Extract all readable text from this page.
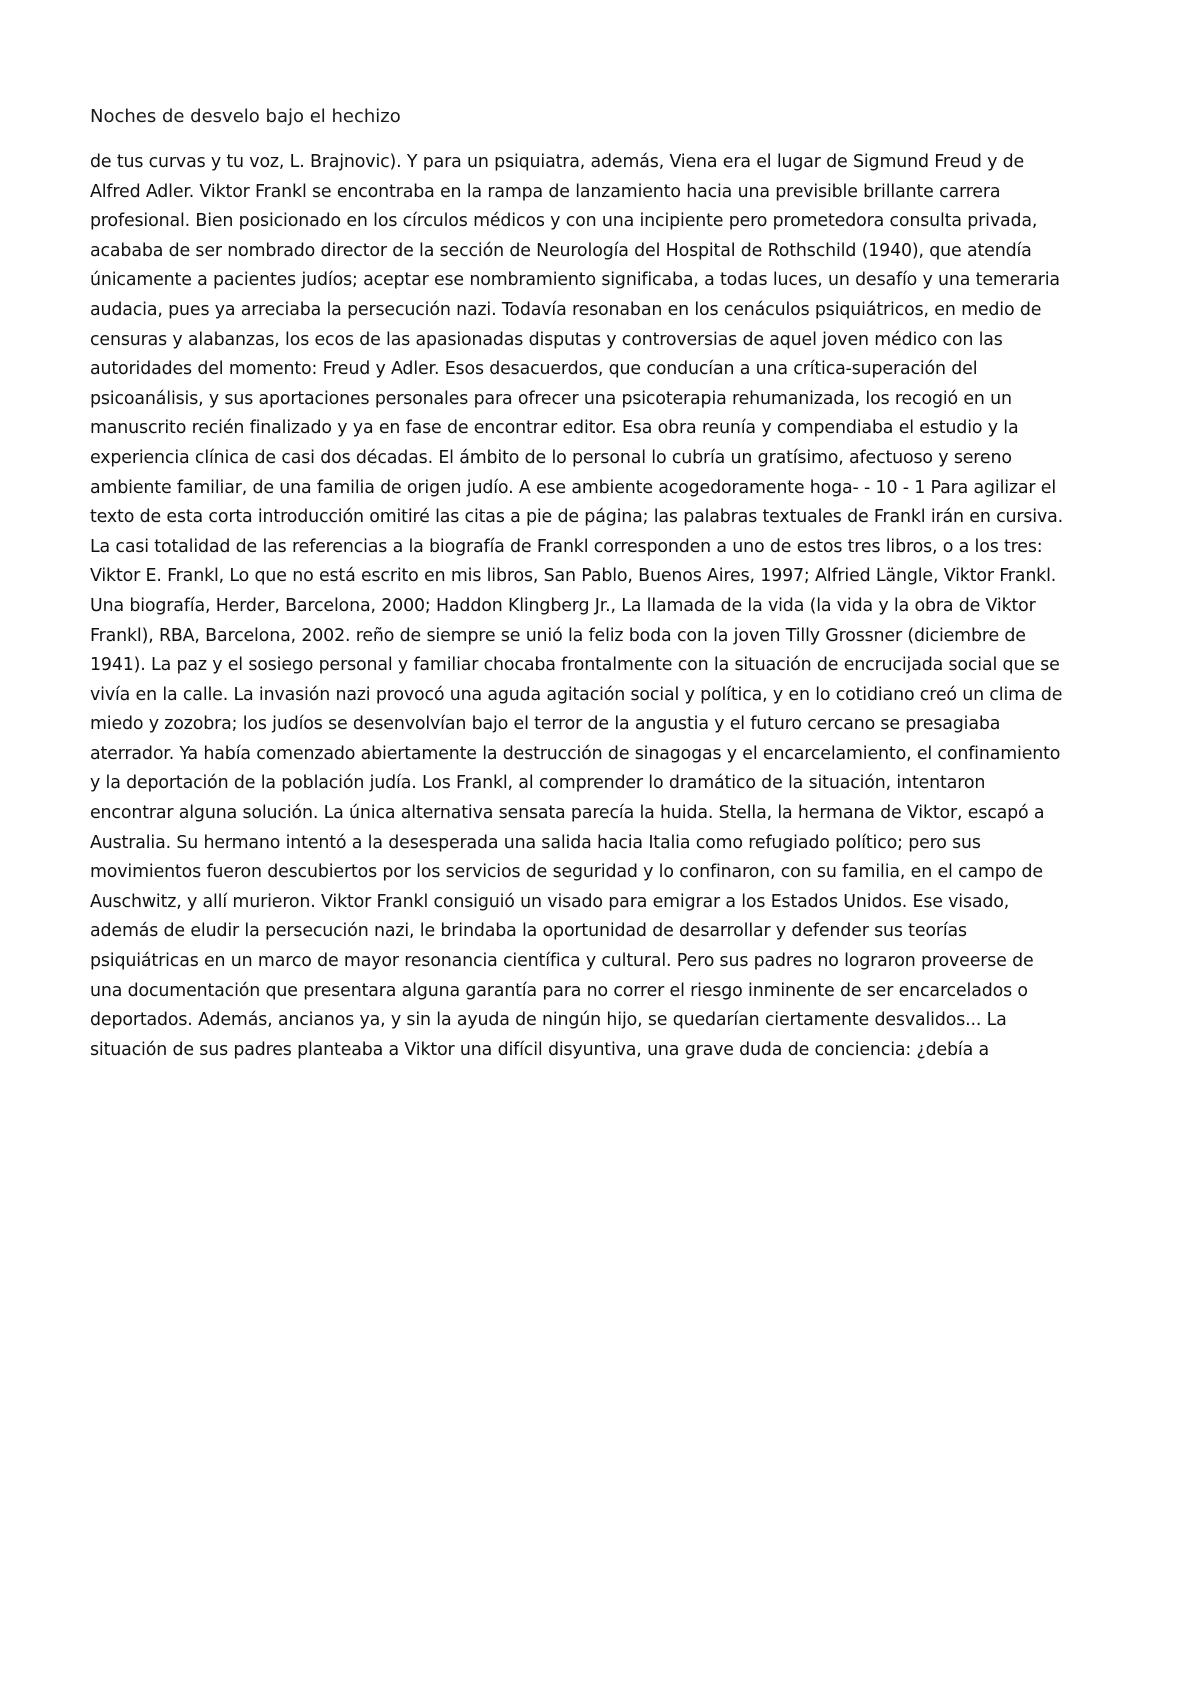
Noches de desvelo bajo el hechizo
de tus curvas y tu voz, L. Brajnovic). Y para un psiquiatra, además, Viena era el lugar de Sigmund Freud y de
Alfred Adler. Viktor Frankl se encontraba en la rampa de lanzamiento hacia una previsible brillante carrera
profesional. Bien posicionado en los círculos médicos y con una incipiente pero prometedora consulta privada,
acababa de ser nombrado director de la sección de Neurología del Hospital de Rothschild (1940), que atendía
únicamente a pacientes judíos; aceptar ese nombramiento significaba, a todas luces, un desafío y una temeraria
audacia, pues ya arreciaba la persecución nazi. Todavía resonaban en los cenáculos psiquiátricos, en medio de
censuras y alabanzas, los ecos de las apasionadas disputas y controversias de aquel joven médico con las
autoridades del momento: Freud y Adler. Esos desacuerdos, que conducían a una crítica-superación del
psicoanálisis, y sus aportaciones personales para ofrecer una psicoterapia rehumanizada, los recogió en un
manuscrito recién finalizado y ya en fase de encontrar editor. Esa obra reunía y compendiaba el estudio y la
experiencia clínica de casi dos décadas. El ámbito de lo personal lo cubría un gratísimo, afectuoso y sereno
ambiente familiar, de una familia de origen judío. A ese ambiente acogedoramente hoga- - 10 - 1 Para agilizar el
texto de esta corta introducción omitiré las citas a pie de página; las palabras textuales de Frankl irán en cursiva.
La casi totalidad de las referencias a la biografía de Frankl corresponden a uno de estos tres libros, o a los tres:
Viktor E. Frankl, Lo que no está escrito en mis libros, San Pablo, Buenos Aires, 1997; Alfried Längle, Viktor Frankl.
Una biografía, Herder, Barcelona, 2000; Haddon Klingberg Jr., La llamada de la vida (la vida y la obra de Viktor
Frankl), RBA, Barcelona, 2002. reño de siempre se unió la feliz boda con la joven Tilly Grossner (diciembre de
1941). La paz y el sosiego personal y familiar chocaba frontalmente con la situación de encrucijada social que se
vivía en la calle. La invasión nazi provocó una aguda agitación social y política, y en lo cotidiano creó un clima de
miedo y zozobra; los judíos se desenvolvían bajo el terror de la angustia y el futuro cercano se presagiaba
aterrador. Ya había comenzado abiertamente la destrucción de sinagogas y el encarcelamiento, el confinamiento
y la deportación de la población judía. Los Frankl, al comprender lo dramático de la situación, intentaron
encontrar alguna solución. La única alternativa sensata parecía la huida. Stella, la hermana de Viktor, escapó a
Australia. Su hermano intentó a la desesperada una salida hacia Italia como refugiado político; pero sus
movimientos fueron descubiertos por los servicios de seguridad y lo confinaron, con su familia, en el campo de
Auschwitz, y allí murieron. Viktor Frankl consiguió un visado para emigrar a los Estados Unidos. Ese visado,
además de eludir la persecución nazi, le brindaba la oportunidad de desarrollar y defender sus teorías
psiquiátricas en un marco de mayor resonancia científica y cultural. Pero sus padres no lograron proveerse de
una documentación que presentara alguna garantía para no correr el riesgo inminente de ser encarcelados o
deportados. Además, ancianos ya, y sin la ayuda de ningún hijo, se quedarían ciertamente desvalidos... La
situación de sus padres planteaba a Viktor una difícil disyuntiva, una grave duda de conciencia: ¿debía a
